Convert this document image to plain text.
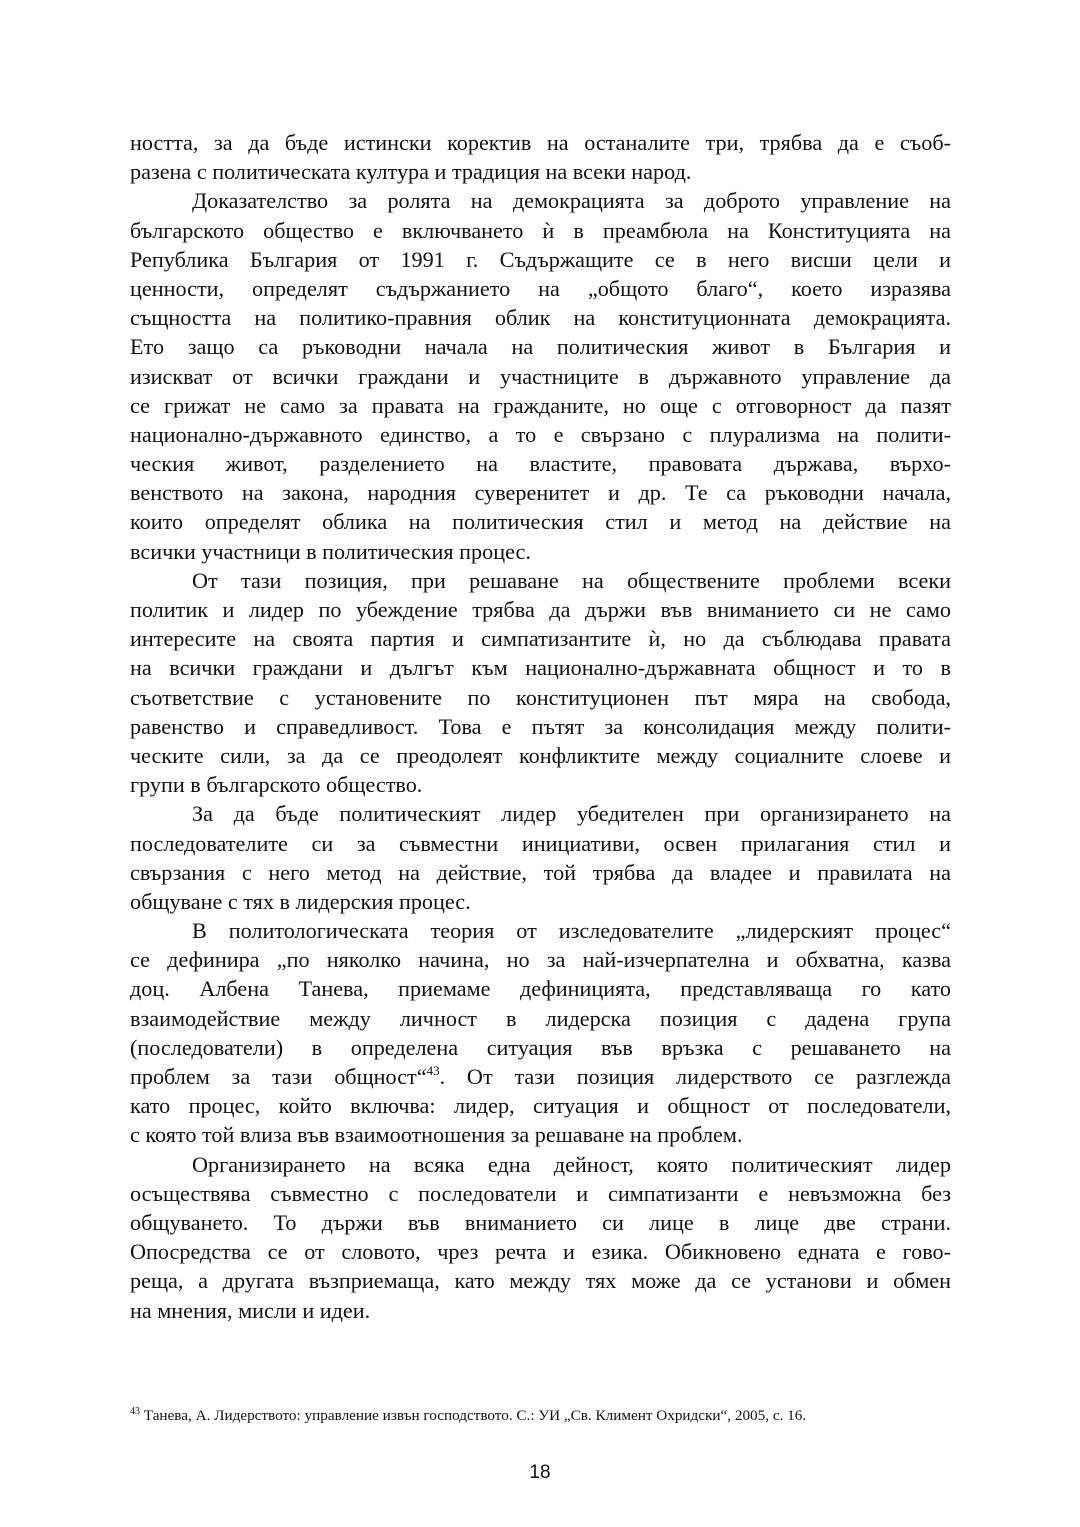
ността, за да бъде истински коректив на останалите три, трябва да е съоб-
разена с политическата култура и традиция на всеки народ.

Доказателство за ролята на демокрацията за доброто управление на
българското общество е включването ѝ в преамбюла на Конституцията на
Република България от 1991 г. Съдържащите се в него висши цели и
ценности, определят съдържанието на „общото благо“, което изразява
същността на политико-правния облик на конституционната демокрацията.
Ето защо са ръководни начала на политическия живот в България и
изискват от всички граждани и участниците в държавното управление да
се грижат не само за правата на гражданите, но още с отговорност да пазят
национално-държавното единство, а то е свързано с плурализма на полити-
ческия живот, разделението на властите, правовата държава, върхо-
венството на закона, народния суверенитет и др. Те са ръководни начала,
които определят облика на политическия стил и метод на действие на
всички участници в политическия процес.

От тази позиция, при решаване на обществените проблеми всеки
политик и лидер по убеждение трябва да държи във вниманието си не само
интересите на своята партия и симпатизантите ѝ, но да съблюдава правата
на всички граждани и дългът към национално-държавната общност и то в
съответствие с установените по конституционен път мяра на свобода,
равенство и справедливост. Това е пътят за консолидация между полити-
ческите сили, за да се преодолеят конфликтите между социалните слоеве и
групи в българското общество.

За да бъде политическият лидер убедителен при организирането на
последователите си за съвместни инициативи, освен прилагания стил и
свързания с него метод на действие, той трябва да владее и правилата на
общуване с тях в лидерския процес.

В политологическата теория от изследователите „лидерският процес“
се дефинира „по няколко начина, но за най-изчерпателна и обхватна, казва
доц. Албена Танева, приемаме дефиницията, представляваща го като
взаимодействие между личност в лидерска позиция с дадена група
(последователи) в определена ситуация във връзка с решаването на
проблем за тази общност“$^{43}$. От тази позиция лидерството се разглежда
като процес, който включва: лидер, ситуация и общност от последователи,
с която той влиза във взаимоотношения за решаване на проблем.

Организирането на всяка една дейност, която политическият лидер
осъществява съвместно с последователи и симпатизанти е невъзможна без
общуването. То държи във вниманието си лице в лице две страни.
Опосредства се от словото, чрез речта и езика. Обикновено едната е гово-
реща, а другата възприемаща, като между тях може да се установи и обмен
на мнения, мисли и идеи.

$^{43}$ Танева, А. Лидерството: управление извън господството. С.: УИ „Св. Климент Охридски“, 2005, с. 16.
18
